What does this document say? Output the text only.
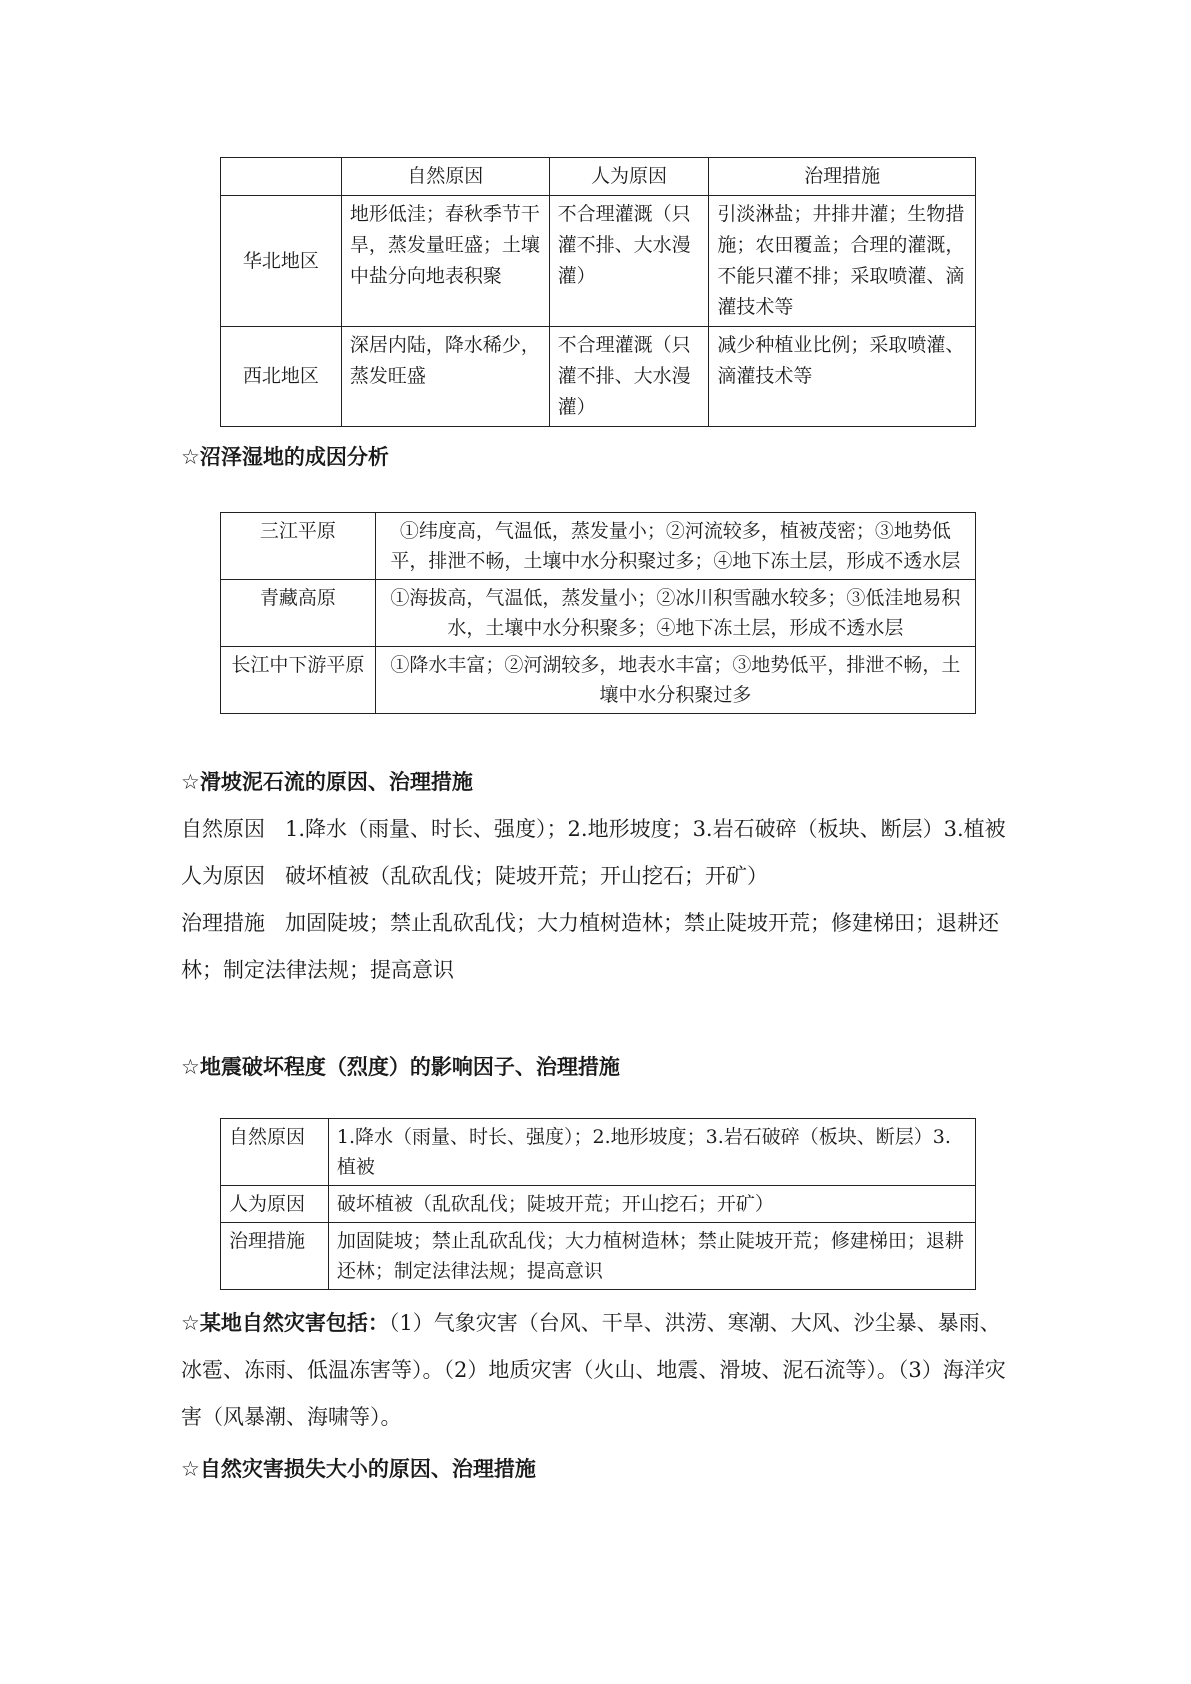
	自然原因	人为原因	治理措施
华北地区	地形低洼；春秋季节干旱，蒸发量旺盛；土壤中盐分向地表积聚	不合理灌溉（只灌不排、大水漫灌）	引淡淋盐；井排井灌；生物措施；农田覆盖；合理的灌溉，不能只灌不排；采取喷灌、滴灌技术等
西北地区	深居内陆，降水稀少，蒸发旺盛	不合理灌溉（只灌不排、大水漫灌）	减少种植业比例；采取喷灌、滴灌技术等
☆沼泽湿地的成因分析
三江平原	①纬度高，气温低，蒸发量小；②河流较多，植被茂密；③地势低平，排泄不畅，土壤中水分积聚过多；④地下冻土层，形成不透水层
青藏高原	①海拔高，气温低，蒸发量小；②冰川积雪融水较多；③低洼地易积水，土壤中水分积聚多；④地下冻土层，形成不透水层
长江中下游平原	①降水丰富；②河湖较多，地表水丰富；③地势低平，排泄不畅，土壤中水分积聚过多
☆滑坡泥石流的原因、治理措施

自然原因 1.降水（雨量、时长、强度）；2.地形坡度；3.岩石破碎（板块、断层）3.植被

人为原因 破坏植被（乱砍乱伐；陡坡开荒；开山挖石；开矿）

治理措施 加固陡坡；禁止乱砍乱伐；大力植树造林；禁止陡坡开荒；修建梯田；退耕还林；制定法律法规；提高意识

☆地震破坏程度（烈度）的影响因子、治理措施
自然原因	1.降水（雨量、时长、强度）；2.地形坡度；3.岩石破碎（板块、断层）3.植被
人为原因	破坏植被（乱砍乱伐；陡坡开荒；开山挖石；开矿）
治理措施	加固陡坡；禁止乱砍乱伐；大力植树造林；禁止陡坡开荒；修建梯田；退耕还林；制定法律法规；提高意识

☆某地自然灾害包括：（1）气象灾害（台风、干旱、洪涝、寒潮、大风、沙尘暴、暴雨、冰雹、冻雨、低温冻害等）。（2）地质灾害（火山、地震、滑坡、泥石流等）。（3）海洋灾害（风暴潮、海啸等）。

☆自然灾害损失大小的原因、治理措施
